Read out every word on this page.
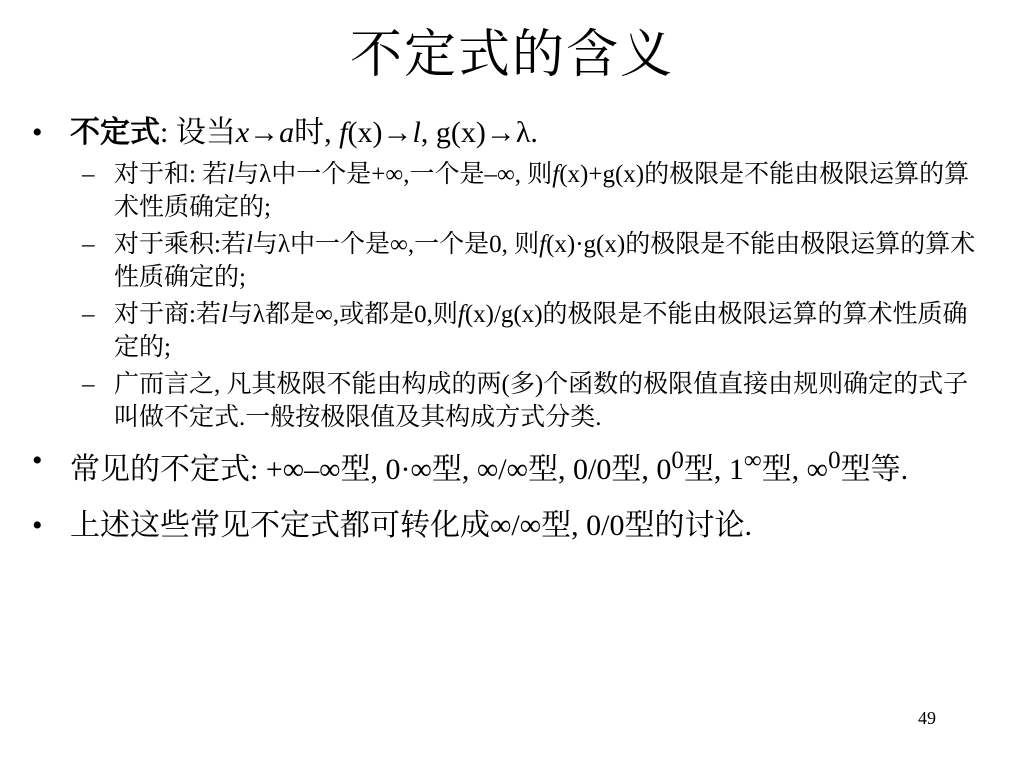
不定式的含义
• 不定式: 设当x→a时, f(x)→l, g(x)→λ.
– 对于和: 若l与λ中一个是+∞,一个是–∞, 则f(x)+g(x)的极限是不能由极限运算的算术性质确定的;
– 对于乘积:若l与λ中一个是∞,一个是0, 则f(x)·g(x)的极限是不能由极限运算的算术性质确定的;
– 对于商:若l与λ都是∞,或都是0,则f(x)/g(x)的极限是不能由极限运算的算术性质确定的;
– 广而言之, 凡其极限不能由构成的两(多)个函数的极限值直接由规则确定的式子叫做不定式.一般按极限值及其构成方式分类.
• 常见的不定式: +∞–∞型, 0·∞型, ∞/∞型, 0/0型, $0^0$型, 1∞型, ∞$^0$型等.
• 上述这些常见不定式都可转化成∞/∞型, 0/0型的讨论.
49
